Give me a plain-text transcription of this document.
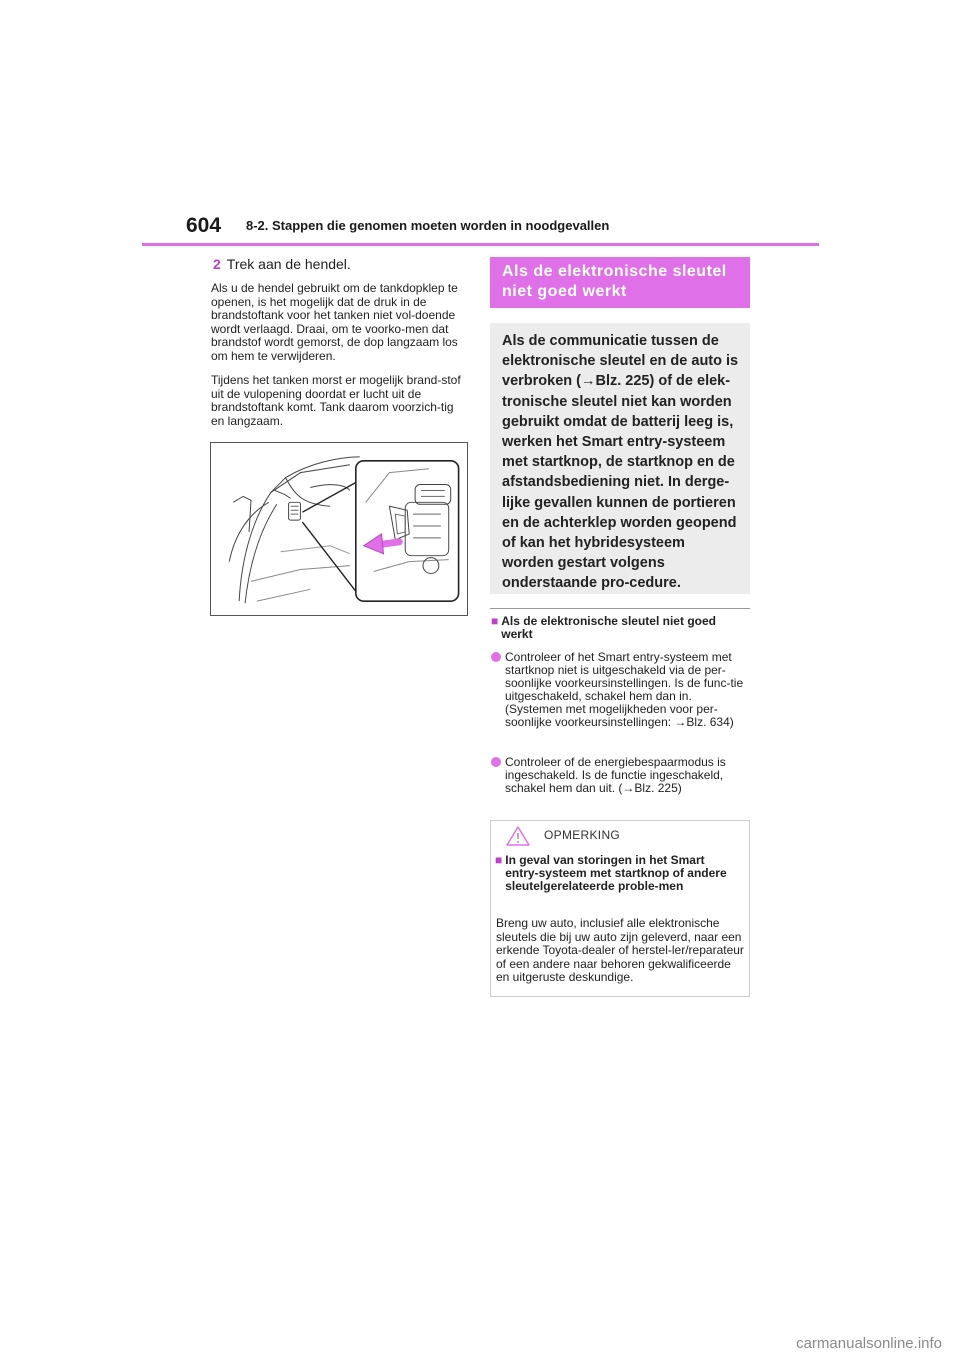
604 8-2. Stappen die genomen moeten worden in noodgevallen
2 Trek aan de hendel.

Als u de hendel gebruikt om de tankdopklep te openen, is het mogelijk dat de druk in de brandstoftank voor het tanken niet vol-doende wordt verlaagd. Draai, om te voorko-men dat brandstof wordt gemorst, de dop langzaam los om hem te verwijderen.

Tijdens het tanken morst er mogelijk brand-stof uit de vulopening doordat er lucht uit de brandstoftank komt. Tank daarom voorzich-tig en langzaam.

Als de elektronische sleutel niet goed werkt
Als de communicatie tussen de elektronische sleutel en de auto is verbroken (→Blz. 225) of de elek-tronische sleutel niet kan worden gebruikt omdat de batterij leeg is, werken het Smart entry-systeem met startknop, de startknop en de afstandsbediening niet. In derge-lijke gevallen kunnen de portieren en de achterklep worden geopend of kan het hybridesysteem worden gestart volgens onderstaande pro-cedure.
■ Als de elektronische sleutel niet goed werkt
Controleer of het Smart entry-systeem met startknop niet is uitgeschakeld via de per-soonlijke voorkeursinstellingen. Is de func-tie uitgeschakeld, schakel hem dan in. (Systemen met mogelijkheden voor per-soonlijke voorkeursinstellingen: →Blz. 634)
Controleer of de energiebespaarmodus is ingeschakeld. Is de functie ingeschakeld, schakel hem dan uit. (→Blz. 225)
OPMERKING
■ In geval van storingen in het Smart entry-systeem met startknop of andere sleutelgerelateerde proble-men

Breng uw auto, inclusief alle elektronische sleutels die bij uw auto zijn geleverd, naar een erkende Toyota-dealer of herstel-ler/reparateur of een andere naar behoren gekwalificeerde en uitgeruste deskundige.

carmanualsonline.info
